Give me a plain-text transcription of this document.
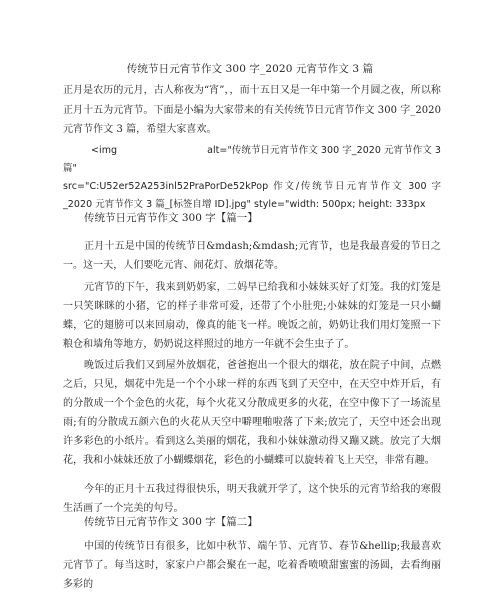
传统节日元宵节作文 300 字_2020 元宵节作文 3 篇

正月是农历的元月，古人称夜为“宵”，，而十五日又是一年中第一个月圆之夜，所以称正月十五为元宵节。下面是小编为大家带来的有关传统节日元宵节作文 300 字_2020 元宵节作文 3 篇，希望大家喜欢。

<img	alt="传统节日元宵节作文 300 字_2020 元宵节作文 3 篇"
src="C:U52er52A253inl52PraPorDe52kPop 作文/传统节日元宵节作文 300 字_2020 元宵节作文 3 篇_[标签自增 ID].jpg" style="width: 500px; height: 333px

传统节日元宵节作文 300 字【篇一】

正月十五是中国的传统节日&mdash;&mdash;元宵节，也是我最喜爱的节日之一。这一天，人们要吃元宵、闹花灯、放烟花等。

元宵节的下午，我来到奶奶家，二妈早已给我和小妹妹买好了灯笼。我的灯笼是一只笑眯眯的小猪，它的样子非常可爱，还带了个小肚兜;小妹妹的灯笼是一只小蝴蝶，它的翅膀可以来回扇动，像真的能飞一样。晚饭之前，奶奶让我们用灯笼照一下粮仓和墙角等地方，奶奶说这样照过的地方一年就不会生虫子了。

晚饭过后我们又到屋外放烟花，爸爸抱出一个很大的烟花，放在院子中间，点燃之后，只见，烟花中先是一个个小球一样的东西飞到了天空中，在天空中炸开后，有的分散成一个个金色的火花，每个火花又分散成更多的火花，在空中像下了一场流星雨;有的分散成五颜六色的火花从天空中噼哩啪啦落了下来;放完了，天空中还会出现许多彩色的小纸片。看到这么美丽的烟花，我和小妹妹激动得又蹦又跳。放完了大烟花，我和小妹妹还放了小蝴蝶烟花，彩色的小蝴蝶可以旋转着飞上天空，非常有趣。

今年的正月十五我过得很快乐，明天我就开学了，这个快乐的元宵节给我的寒假生活画了一个完美的句号。

传统节日元宵节作文 300 字【篇二】

中国的传统节日有很多，比如中秋节、端午节、元宵节、春节&hellip;我最喜欢元宵节了。每当这时，家家户户都会聚在一起，吃着香喷喷甜蜜蜜的汤圆，去看绚丽多彩的
